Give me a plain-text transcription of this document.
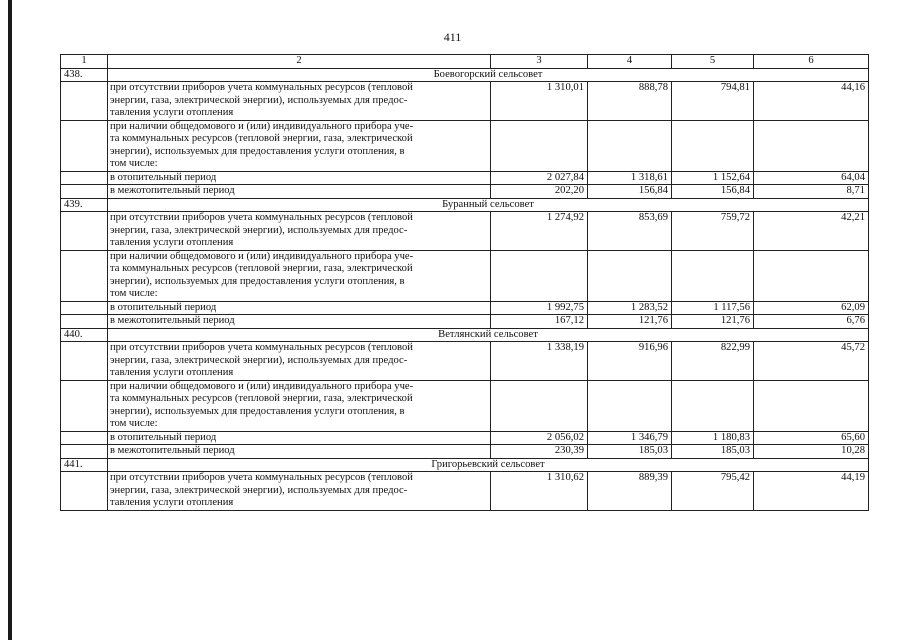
411
1	2	3	4	5	6
438.	Боевогорский сельсовет				

	при отсутствии приборов учета коммунальных ресурсов (тепловой
энергии, газа, электрической энергии), используемых для предос-
тавления услуги отопления	1 310,01	888,78	794,81	44,16

	при наличии общедомового и (или) индивидуального прибора уче-
та коммунальных ресурсов (тепловой энергии, газа, электрической
энергии), используемых для предоставления услуги отопления, в
том числе:				

	в отопительный период	2 027,84	1 318,61	1 152,64	64,04
	в межотопительный период	202,20	156,84	156,84	8,71
439.	Буранный сельсовет				

	при отсутствии приборов учета коммунальных ресурсов (тепловой
энергии, газа, электрической энергии), используемых для предос-
тавления услуги отопления	1 274,92	853,69	759,72	42,21

	при наличии общедомового и (или) индивидуального прибора уче-
та коммунальных ресурсов (тепловой энергии, газа, электрической
энергии), используемых для предоставления услуги отопления, в
том числе:				

	в отопительный период	1 992,75	1 283,52	1 117,56	62,09
	в межотопительный период	167,12	121,76	121,76	6,76
440.	Ветлянский сельсовет				

	при отсутствии приборов учета коммунальных ресурсов (тепловой
энергии, газа, электрической энергии), используемых для предос-
тавления услуги отопления	1 338,19	916,96	822,99	45,72

	при наличии общедомового и (или) индивидуального прибора уче-
та коммунальных ресурсов (тепловой энергии, газа, электрической
энергии), используемых для предоставления услуги отопления, в
том числе:				

	в отопительный период	2 056,02	1 346,79	1 180,83	65,60
	в межотопительный период	230,39	185,03	185,03	10,28
441.	Григорьевский сельсовет				

	при отсутствии приборов учета коммунальных ресурсов (тепловой
энергии, газа, электрической энергии), используемых для предос-
тавления услуги отопления	1 310,62	889,39	795,42	44,19
